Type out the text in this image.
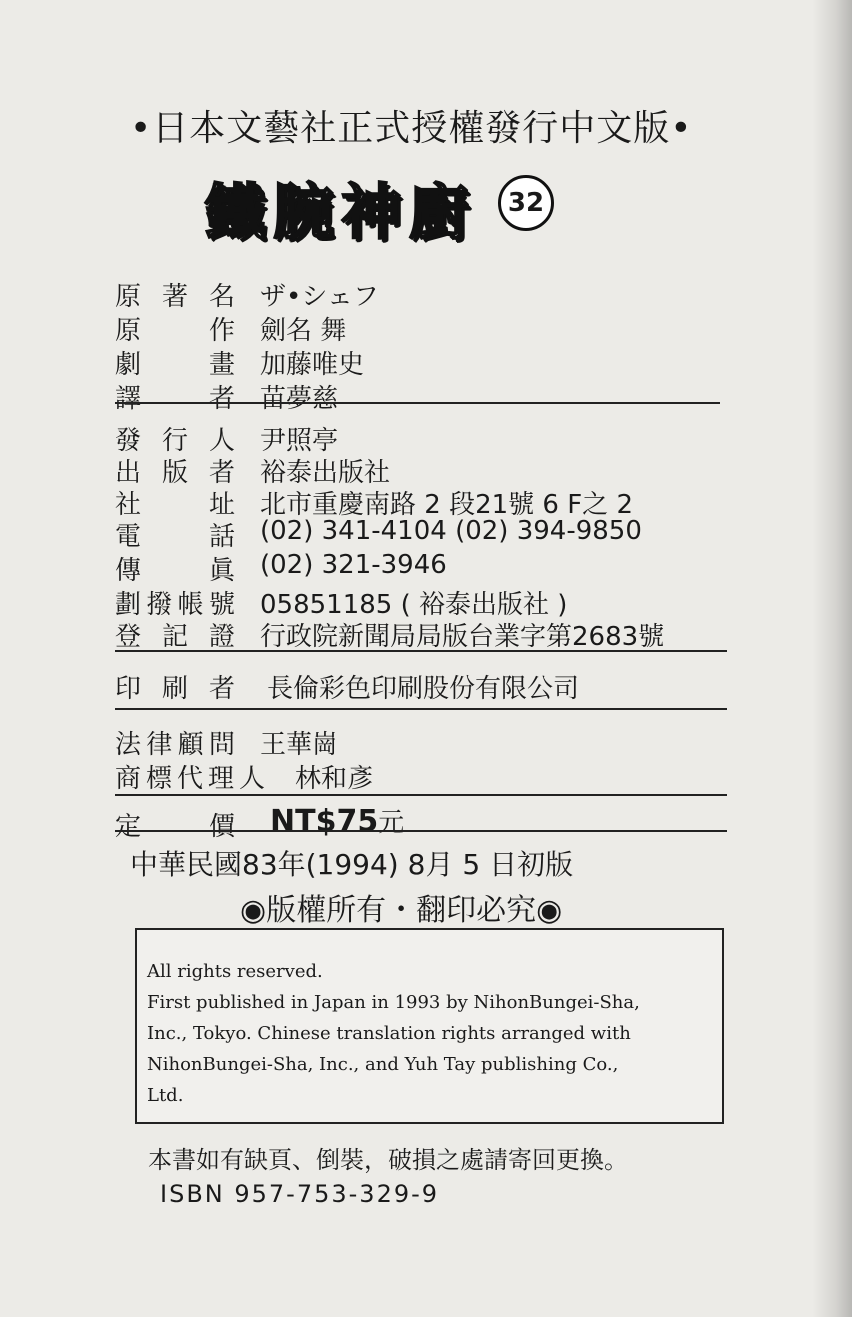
•日本文藝社正式授權發行中文版•
鐵腕神廚	32
原 著 名 ザ•シェフ
原	作 劍名 舞
劇	畫 加藤唯史
譯	者 苗夢慈
發 行 人 尹照亭
出 版 者 裕泰出版社
社	址 北市重慶南路 2 段21號 6 F之 2
電	話 (02) 341-4104 (02) 394-9850
傳	眞 (02) 321-3946
劃 撥 帳 號 05851185 ( 裕泰出版社 )
登 記 證 行政院新聞局局版台業字第2683號
印 刷 者 長倫彩色印刷股份有限公司
法 律 顧 問 王華崗
商 標 代 理 人 林和彥
定	價 NT$75元
中華民國83年(1994) 8月 5 日初版
◉版權所有・翻印必究◉
All rights reserved.
First published in Japan in 1993 by NihonBungei-Sha,
Inc., Tokyo. Chinese translation rights arranged with
NihonBungei-Sha, Inc., and Yuh Tay publishing Co.,
Ltd.
本書如有缺頁、倒裝，破損之處請寄回更換。
ISBN 957-753-329-9
